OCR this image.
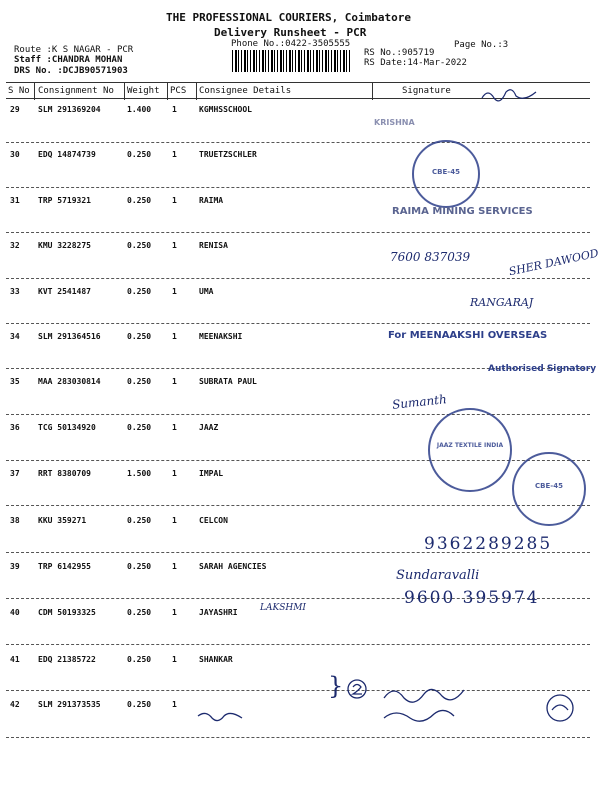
THE PROFESSIONAL COURIERS, Coimbatore
Delivery Runsheet - PCR
Phone No.:0422-3505555	Page No.:3
Route :K S NAGAR - PCR
Staff :CHANDRA MOHAN
DRS No. :DCJB90571903
RS No.:905719
RS Date:14-Mar-2022
S No Consignment No Weight PCS Consignee Details	Signature
29 SLM 291369204	1.400	1	KGMHSSCHOOL
30 EDQ 14874739	0.250	1	TRUETZSCHLER
31 TRP 5719321	0.250	1	RAIMA
32 KMU 3228275	0.250	1	RENISA
33 KVT 2541487	0.250	1	UMA
34 SLM 291364516	0.250	1	MEENAKSHI
35 MAA 283030814	0.250	1	SUBRATA PAUL
36 TCG 50134920	0.250	1	JAAZ
37 RRT 8380709	1.500	1	IMPAL
38 KKU 359271	0.250	1	CELCON
39 TRP 6142955	0.250	1	SARAH AGENCIES
40 CDM 50193325	0.250	1	JAYASHRI
41 EDQ 21385722	0.250	1	SHANKAR
42 SLM 291373535	0.250	1
KRISHNA
CBE-45
RAIMA MINING SERVICES
7600 837039	SHER DAWOOD
RANGARAJ
For MEENAAKSHI OVERSEAS
Authorised Signatory
Sumanth
JAAZ TEXTILE INDIA
CBE-45
9362289285
Sundaravalli
9600 395974
LAKSHMI
}
